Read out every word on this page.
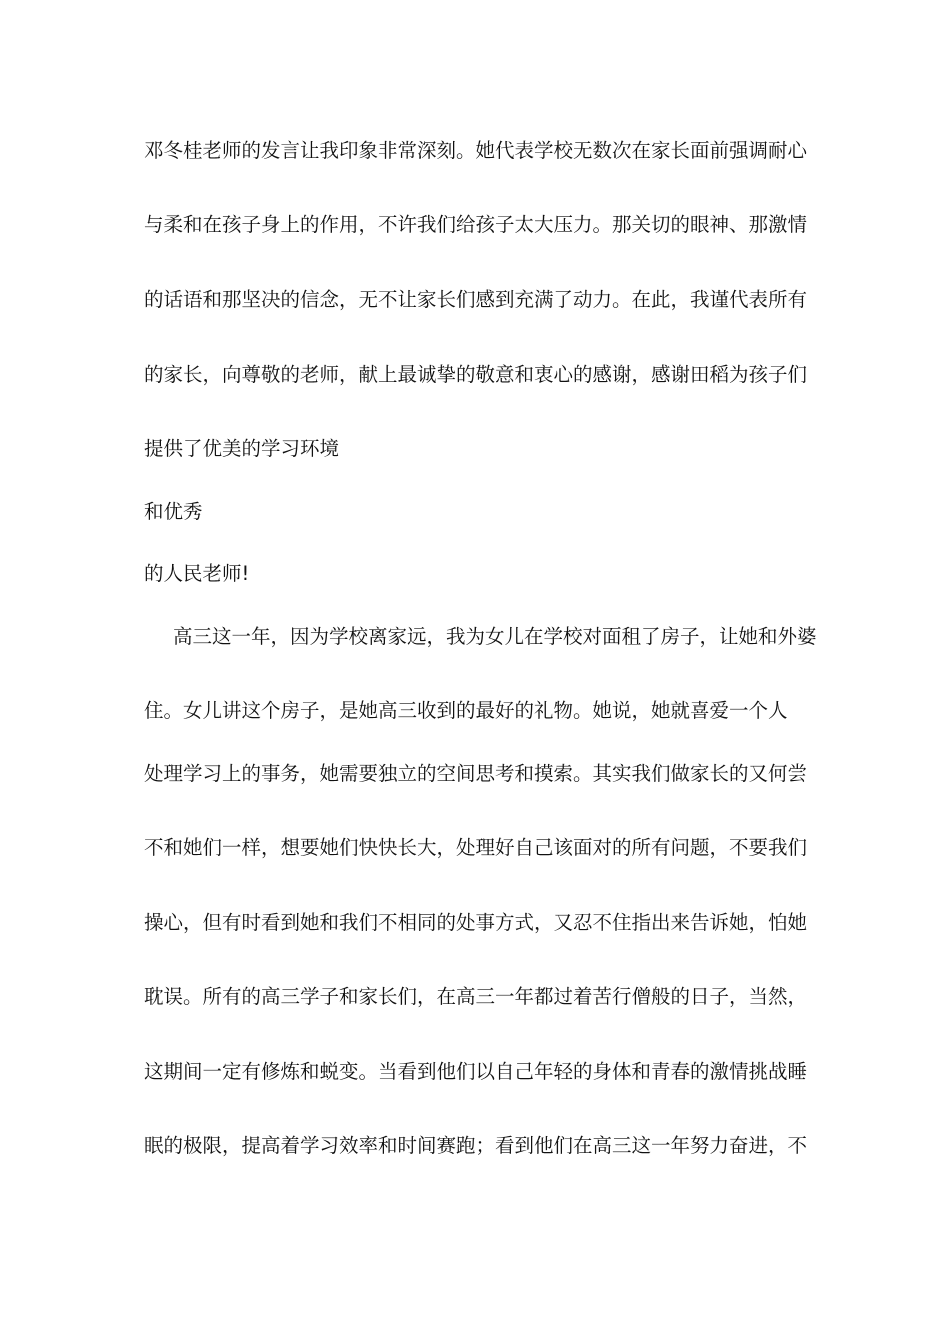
邓冬桂老师的发言让我印象非常深刻。她代表学校无数次在家长面前强调耐心
与柔和在孩子身上的作用，不许我们给孩子太大压力。那关切的眼神、那激情
的话语和那坚决的信念，无不让家长们感到充满了动力。在此，我谨代表所有
的家长，向尊敬的老师，献上最诚挚的敬意和衷心的感谢，感谢田稻为孩子们
提供了优美的学习环境
和优秀
的人民老师!
高三这一年，因为学校离家远，我为女儿在学校对面租了房子，让她和外婆
住。女儿讲这个房子，是她高三收到的最好的礼物。她说，她就喜爱一个人
处理学习上的事务，她需要独立的空间思考和摸索。其实我们做家长的又何尝
不和她们一样，想要她们快快长大，处理好自己该面对的所有问题，不要我们
操心，但有时看到她和我们不相同的处事方式，又忍不住指出来告诉她，怕她
耽误。所有的高三学子和家长们，在高三一年都过着苦行僧般的日子，当然，
这期间一定有修炼和蜕变。当看到他们以自己年轻的身体和青春的激情挑战睡
眠的极限，提高着学习效率和时间赛跑；看到他们在高三这一年努力奋进，不
